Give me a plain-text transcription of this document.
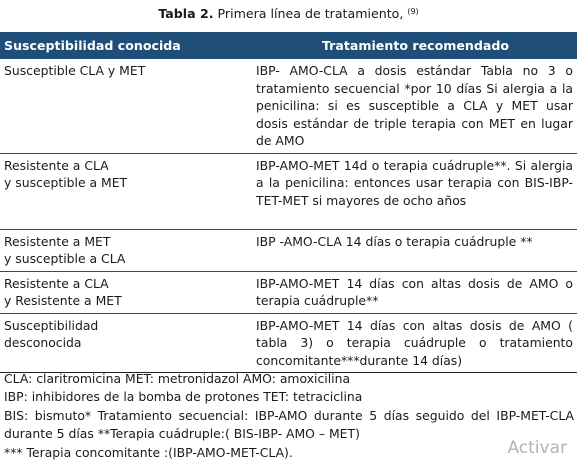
Tabla 2. Primera línea de tratamiento, $^{(9)}$
Susceptibilidad conocida	Tratamiento recomendado
Susceptible CLA y MET	IBP- AMO-CLA a dosis estándar Tabla no 3 o tratamiento secuencial *por 10 días Si alergia a la penicilina: si es susceptible a CLA y MET usar dosis estándar de triple terapia con MET en lugar de AMO
Resistente a CLA
y susceptible a MET	IBP-AMO-MET 14d o terapia cuádruple**. Si alergia a la penicilina: entonces usar terapia con BIS-IBP- TET-MET si mayores de ocho años
Resistente a MET
y susceptible a CLA	IBP -AMO-CLA 14 días o terapia cuádruple **
Resistente a CLA
y Resistente a MET	IBP-AMO-MET 14 días con altas dosis de AMO o terapia cuádruple**
Susceptibilidad
desconocida	IBP-AMO-MET 14 días con altas dosis de AMO ( tabla 3) o terapia cuádruple o tratamiento concomitante***durante 14 días)
CLA: claritromicina MET: metronidazol AMO: amoxicilina
IBP: inhibidores de la bomba de protones TET: tetraciclina
BIS: bismuto* Tratamiento secuencial: IBP-AMO durante 5 días seguido del IBP-MET-CLA durante 5 días **Terapia cuádruple:( BIS-IBP- AMO – MET)
*** Terapia concomitante :(IBP-AMO-MET-CLA).	Activar
